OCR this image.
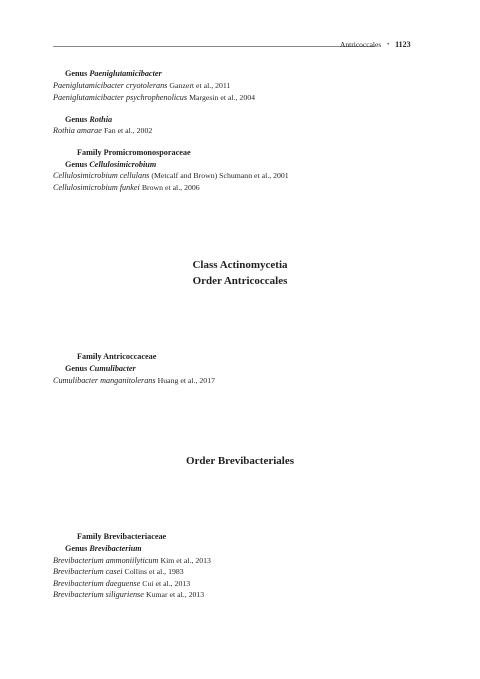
Antricoccales • 1123
Genus Paeniglutamicibacter
Paeniglutamicibacter cryotolerans Ganzert et al., 2011
Paeniglutamicibacter psychrophenolicus Margesin et al., 2004
Genus Rothia
Rothia amarae Fan et al., 2002
Family Promicromonosporaceae
Genus Cellulosimicrobium
Cellulosimicrobium cellulans (Metcalf and Brown) Schumann et al., 2001
Cellulosimicrobium funkei Brown et al., 2006
Class Actinomycetia
Order Antricoccales
Family Antricoccaceae
Genus Cumulibacter
Cumulibacter manganitolerans Huang et al., 2017
Order Brevibacteriales
Family Brevibacteriaceae
Genus Brevibacterium
Brevibacterium ammoniilyticum Kim et al., 2013
Brevibacterium casei Collins et al., 1983
Brevibacterium daeguense Cui et al., 2013
Brevibacterium siliguriense Kumar et al., 2013
